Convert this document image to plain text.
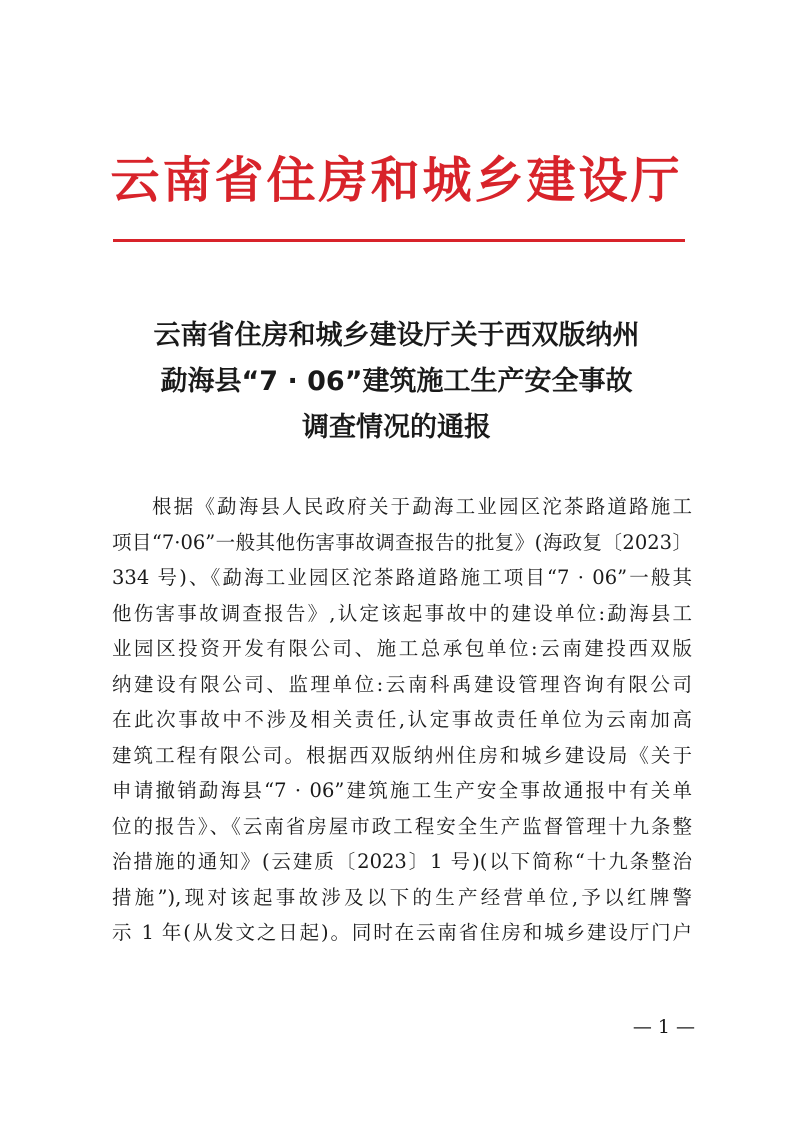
云南省住房和城乡建设厅
云南省住房和城乡建设厅关于西双版纳州
勐海县“7 · 06”建筑施工生产安全事故
调查情况的通报
根据《勐海县人民政府关于勐海工业园区沱茶路道路施工
项目“7·06”一般其他伤害事故调查报告的批复》(海政复〔2023〕
334 号)、《勐海工业园区沱茶路道路施工项目“7 · 06”一般其
他伤害事故调查报告》,认定该起事故中的建设单位:勐海县工
业园区投资开发有限公司、施工总承包单位:云南建投西双版
纳建设有限公司、监理单位:云南科禹建设管理咨询有限公司
在此次事故中不涉及相关责任,认定事故责任单位为云南加高
建筑工程有限公司。根据西双版纳州住房和城乡建设局《关于
申请撤销勐海县“7 · 06”建筑施工生产安全事故通报中有关单
位的报告》、《云南省房屋市政工程安全生产监督管理十九条整
治措施的通知》(云建质〔2023〕1 号)(以下简称“十九条整治
措施”),现对该起事故涉及以下的生产经营单位,予以红牌警
示 1 年(从发文之日起)。同时在云南省住房和城乡建设厅门户
— 1 —
